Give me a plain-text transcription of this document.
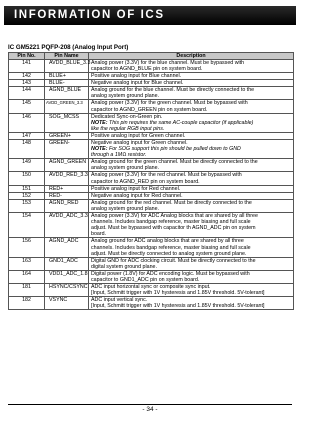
INFORMATION OF ICS
IC GM5221 PQFP-208 (Analog Input Port)
Pin No.	Pin Name	Description
141	AVDD_BLUE_3.3	Analog power (3.3V) for the blue channel. Must be bypassed with
capacitor to AGND_BLUE pin on system board.

142	BLUE+	Positive analog input for Blue channel.

143	BLUE-	Negative analog input for Blue channel.

144	AGND_BLUE	Analog ground for the blue channel. Must be directly connected to the
analog system ground plane.

145	AVDD_GREEN_3.3	Analog power (3.3V) for the green channel. Must be bypassed with
capacitor to AGND_GREEN pin on system board.

146	SOG_MCSS	Dedicated Sync-on-Green pin.
NOTE: This pin requires the same AC-couple capacitor (if applicable)
like the regular RGB input pins.

147	GREEN+	Positive analog input for Green channel.

148	GREEN-	Negative analog input for Green channel.
NOTE: For SOG support this pin should be pulled down to GND
through a 1MΩ resistor.

149	AGND_GREEN	Analog ground for the green channel. Must be directly connected to the
analog system ground plane.

150	AVDD_RED_3.3	Analog power (3.3V) for the red channel. Must be bypassed with
capacitor to AGND_RED pin on system board.

151	RED+	Positive analog input for Red channel.

152	RED-	Negative analog input for Red channel.

153	AGND_RED	Analog ground for the red channel. Must be directly connected to the
analog system ground plane.

154	AVDD_ADC_3.3	Analog power (3.3V) for ADC Analog blocks that are shared by all three
channels. Includes bandgap reference, master biasing and full scale
adjust. Must be bypassed with capacitor th AGND_ADC pin on system
board.

156	AGND_ADC	Analog ground for ADC analog blocks that are shared by all three
channels. Includes bandgap reference, master biasing and full scale
adjust. Must be directly connected to analog system ground plane.

163	GND1_ADC	Digital GND for ADC clocking circuit. Must be directly connected to the
digital system ground plane.

164	VDD1_ADC_1.8	Digital power (1.8V) for ADC encoding logic. Must be bypassed with
capacitor to GND1_ADC pin on system board.

181	HSYNC/CSYNC	ADC input horizontal sync or composite sync input.
[Input, Schmitt trigger with 1V hysteresis and 1.85V threshold. 5V-tolerant]

182	VSYNC	ADC input vertical sync.
[Input, Schmitt trigger with 1V hysteresis and 1.85V threshold. 5V-tolerant]
- 34 -
